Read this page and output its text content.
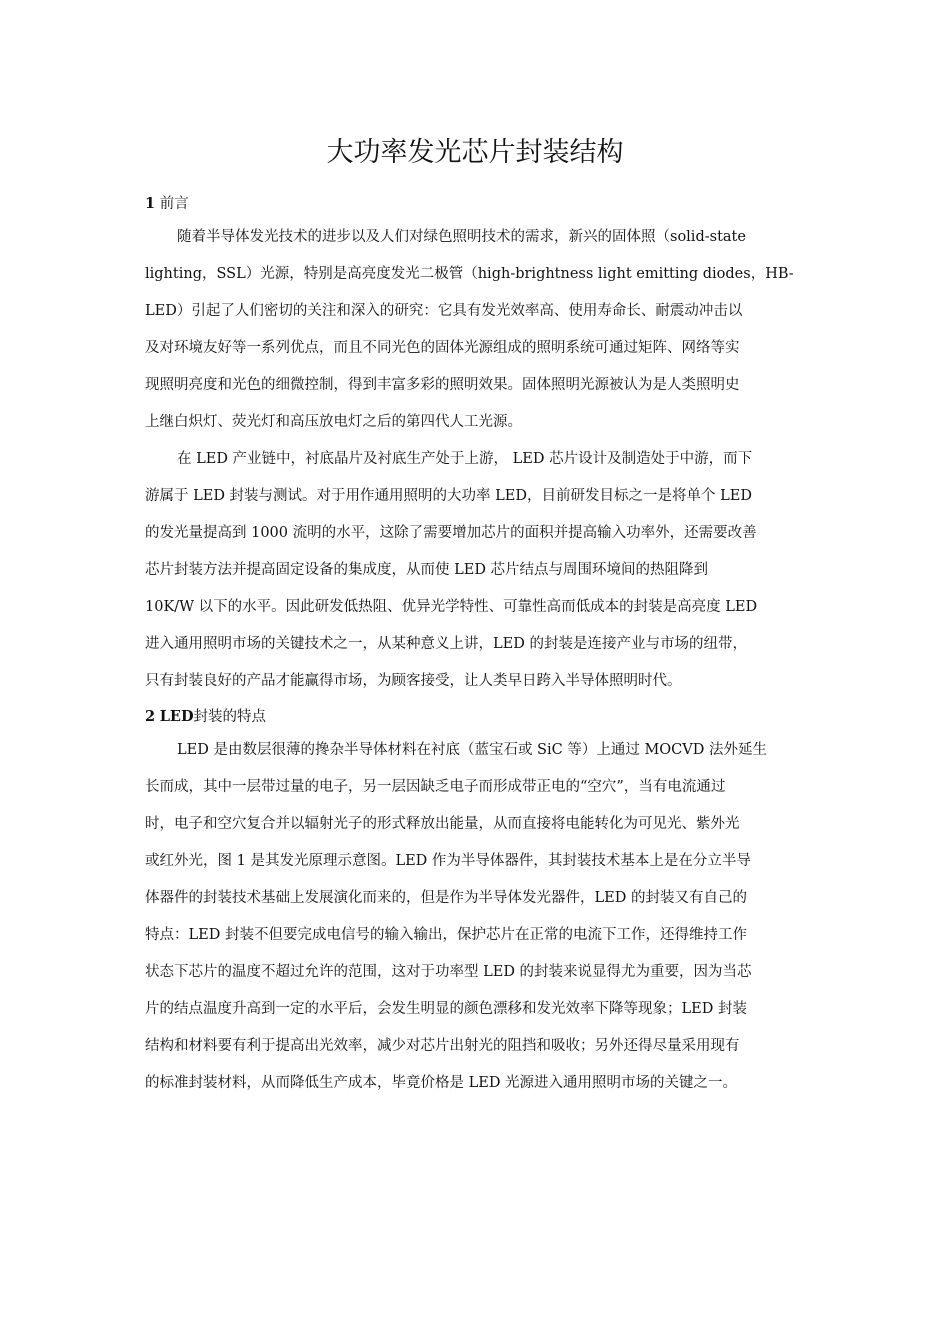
大功率发光芯片封装结构
1 前言
随着半导体发光技术的进步以及人们对绿色照明技术的需求，新兴的固体照（solid-state
lighting，SSL）光源，特别是高亮度发光二极管（high-brightness light emitting diodes，HB-
LED）引起了人们密切的关注和深入的研究：它具有发光效率高、使用寿命长、耐震动冲击以
及对环境友好等一系列优点，而且不同光色的固体光源组成的照明系统可通过矩阵、网络等实
现照明亮度和光色的细微控制，得到丰富多彩的照明效果。固体照明光源被认为是人类照明史
上继白炽灯、荧光灯和高压放电灯之后的第四代人工光源。
在 LED 产业链中，衬底晶片及衬底生产处于上游， LED 芯片设计及制造处于中游，而下
游属于 LED 封装与测试。对于用作通用照明的大功率 LED，目前研发目标之一是将单个 LED
的发光量提高到 1000 流明的水平，这除了需要增加芯片的面积并提高输入功率外，还需要改善
芯片封装方法并提高固定设备的集成度，从而使 LED 芯片结点与周围环境间的热阻降到
10K/W 以下的水平。因此研发低热阻、优异光学特性、可靠性高而低成本的封装是高亮度 LED
进入通用照明市场的关键技术之一，从某种意义上讲，LED 的封装是连接产业与市场的纽带，
只有封装良好的产品才能赢得市场，为顾客接受，让人类早日跨入半导体照明时代。
2 LED封装的特点
LED 是由数层很薄的搀杂半导体材料在衬底（蓝宝石或 SiC 等）上通过 MOCVD 法外延生
长而成，其中一层带过量的电子，另一层因缺乏电子而形成带正电的“空穴”，当有电流通过
时，电子和空穴复合并以辐射光子的形式释放出能量，从而直接将电能转化为可见光、紫外光
或红外光，图 1 是其发光原理示意图。LED 作为半导体器件，其封装技术基本上是在分立半导
体器件的封装技术基础上发展演化而来的，但是作为半导体发光器件，LED 的封装又有自己的
特点：LED 封装不但要完成电信号的输入输出，保护芯片在正常的电流下工作，还得维持工作
状态下芯片的温度不超过允许的范围，这对于功率型 LED 的封装来说显得尤为重要，因为当芯
片的结点温度升高到一定的水平后，会发生明显的颜色漂移和发光效率下降等现象；LED 封装
结构和材料要有利于提高出光效率，减少对芯片出射光的阻挡和吸收；另外还得尽量采用现有
的标准封装材料，从而降低生产成本，毕竟价格是 LED 光源进入通用照明市场的关键之一。
